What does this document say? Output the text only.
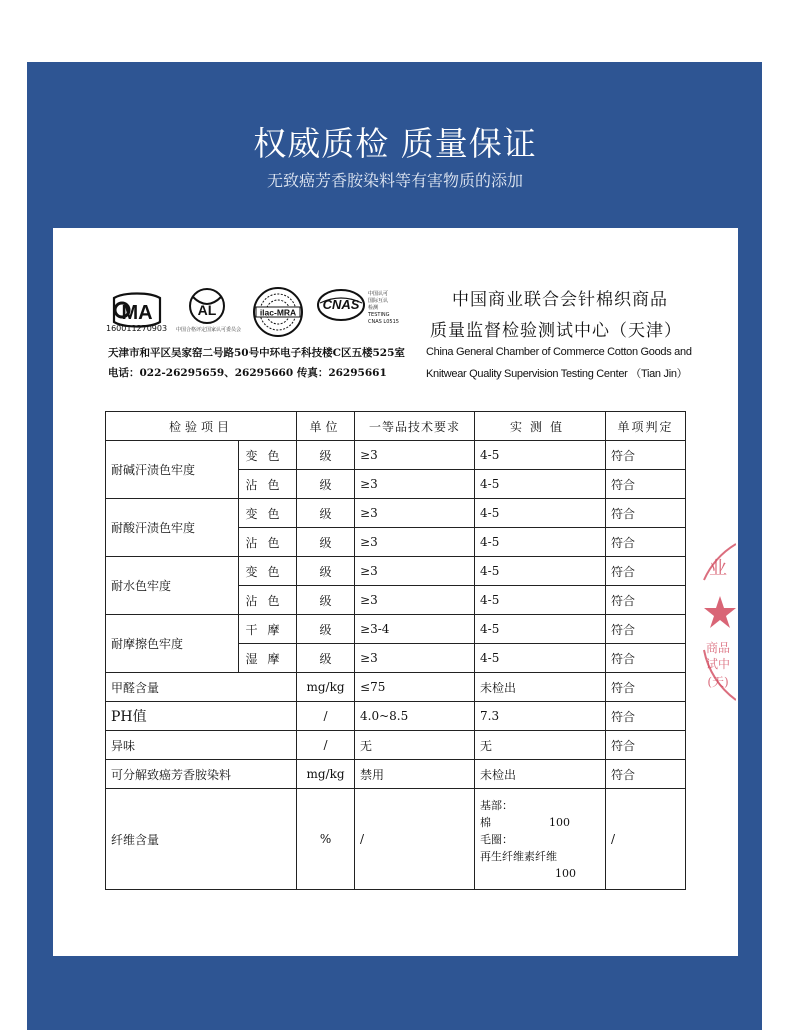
权威质检 质量保证
无致癌芳香胺染料等有害物质的添加
MA
160011270903
AL
中国合格评定国家认可委员会
ilac-MRA
CNAS
中国认可
国际互认
检测
TESTING
CNAS L0515
中国商业联合会针棉织商品
质量监督检验测试中心（天津）
天津市和平区吴家窑二号路50号中环电子科技楼C区五楼525室
电话：022-26295659、26295660 传真：26295661
China General Chamber of Commerce Cotton Goods and
Knitwear Quality Supervision Testing Center （Tian Jin）
检验项目		单位	一等品技术要求	实测值	单项判定
耐碱汗渍色牢度	变色	级	≥3	4-5	符合
	沾色	级	≥3	4-5	符合
耐酸汗渍色牢度	变色	级	≥3	4-5	符合
	沾色	级	≥3	4-5	符合
耐水色牢度	变色	级	≥3	4-5	符合
	沾色	级	≥3	4-5	符合
耐摩擦色牢度	干摩	级	≥3-4	4-5	符合
	湿摩	级	≥3	4-5	符合
甲醛含量		mg/kg	≤75	未检出	符合
PH值		/	4.0~8.5	7.3	符合
异味		/	无	无	符合
可分解致癌芳香胺染料		mg/kg	禁用	未检出	符合
纤维含量		%	/	基部：
棉 100
毛圈：
再生纤维素纤维
100	/
业
商品
试中
(天)
